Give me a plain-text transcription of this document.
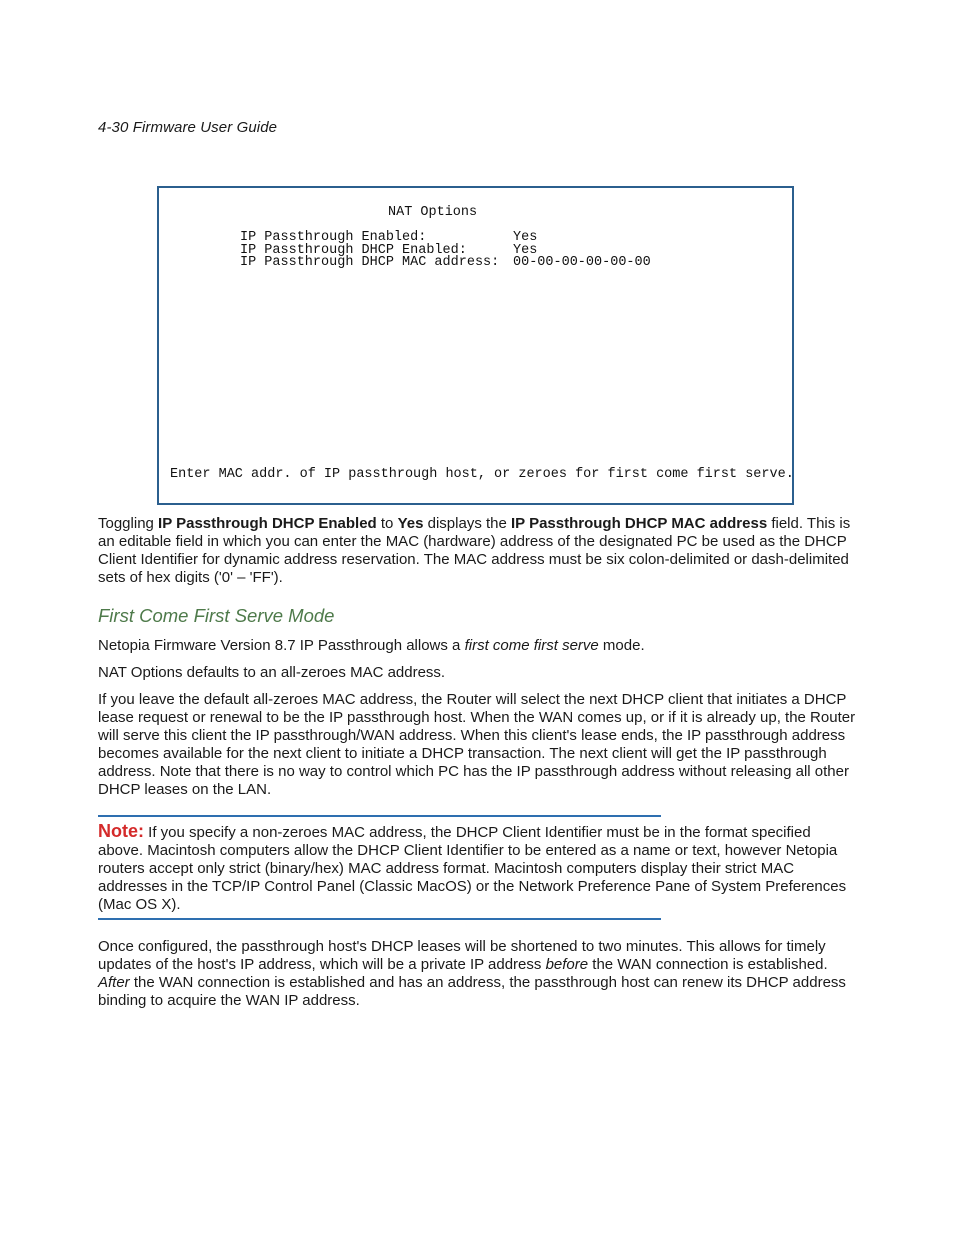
4-30 Firmware User Guide
NAT Options
IP Passthrough Enabled:	Yes
IP Passthrough DHCP Enabled:	Yes
IP Passthrough DHCP MAC address: 00-00-00-00-00-00
Enter MAC addr. of IP passthrough host, or zeroes for first come first serve.

Toggling IP Passthrough DHCP Enabled to Yes displays the IP Passthrough DHCP MAC address field. This is an editable field in which you can enter the MAC (hardware) address of the designated PC be used as the DHCP Client Identifier for dynamic address reservation. The MAC address must be six colon-delimited or dash-delimited sets of hex digits ('0' – 'FF').

First Come First Serve Mode

Netopia Firmware Version 8.7 IP Passthrough allows a first come first serve mode.

NAT Options defaults to an all-zeroes MAC address.

If you leave the default all-zeroes MAC address, the Router will select the next DHCP client that initiates a DHCP lease request or renewal to be the IP passthrough host. When the WAN comes up, or if it is already up, the Router will serve this client the IP passthrough/WAN address. When this client's lease ends, the IP passthrough address becomes available for the next client to initiate a DHCP transaction. The next client will get the IP passthrough address. Note that there is no way to control which PC has the IP passthrough address without releasing all other DHCP leases on the LAN.

Note: If you specify a non-zeroes MAC address, the DHCP Client Identifier must be in the format specified above. Macintosh computers allow the DHCP Client Identifier to be entered as a name or text, however Netopia routers accept only strict (binary/hex) MAC address format. Macintosh computers display their strict MAC addresses in the TCP/IP Control Panel (Classic MacOS) or the Network Preference Pane of System Preferences (Mac OS X).

Once configured, the passthrough host's DHCP leases will be shortened to two minutes. This allows for timely updates of the host's IP address, which will be a private IP address before the WAN connection is established. After the WAN connection is established and has an address, the passthrough host can renew its DHCP address binding to acquire the WAN IP address.
